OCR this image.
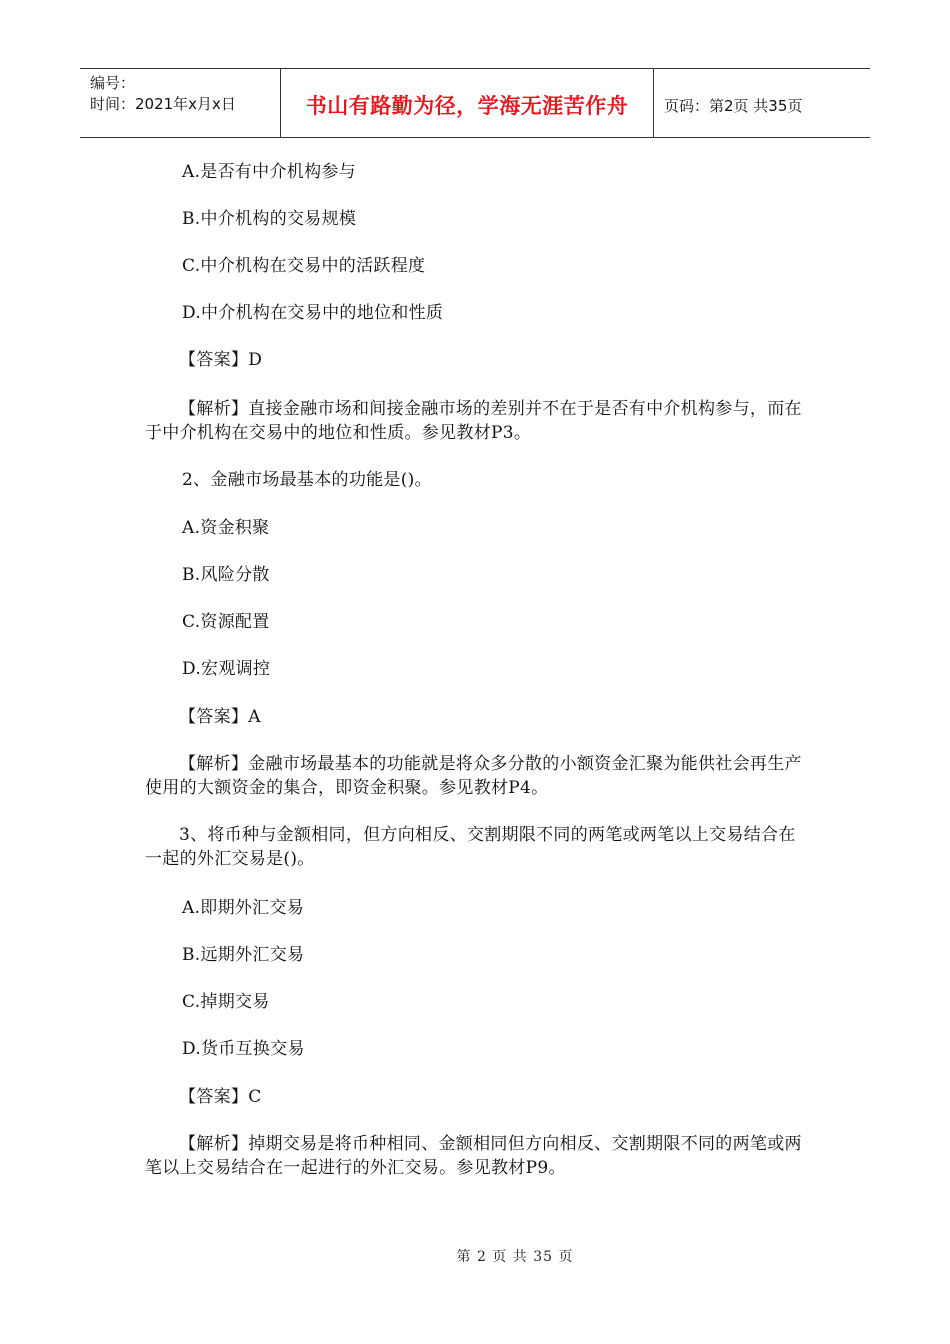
编号：
时间：2021年x月x日	书山有路勤为径，学海无涯苦作舟	页码：第2页 共35页
A.是否有中介机构参与
B.中介机构的交易规模
C.中介机构在交易中的活跃程度
D.中介机构在交易中的地位和性质
【答案】D
【解析】直接金融市场和间接金融市场的差别并不在于是否有中介机构参与，而在于中介机构在交易中的地位和性质。参见教材P3。
2、金融市场最基本的功能是()。
A.资金积聚
B.风险分散
C.资源配置
D.宏观调控
【答案】A
【解析】金融市场最基本的功能就是将众多分散的小额资金汇聚为能供社会再生产使用的大额资金的集合，即资金积聚。参见教材P4。
3、将币种与金额相同，但方向相反、交割期限不同的两笔或两笔以上交易结合在一起的外汇交易是()。
A.即期外汇交易
B.远期外汇交易
C.掉期交易
D.货币互换交易
【答案】C
【解析】掉期交易是将币种相同、金额相同但方向相反、交割期限不同的两笔或两笔以上交易结合在一起进行的外汇交易。参见教材P9。
第 2 页 共 35 页
